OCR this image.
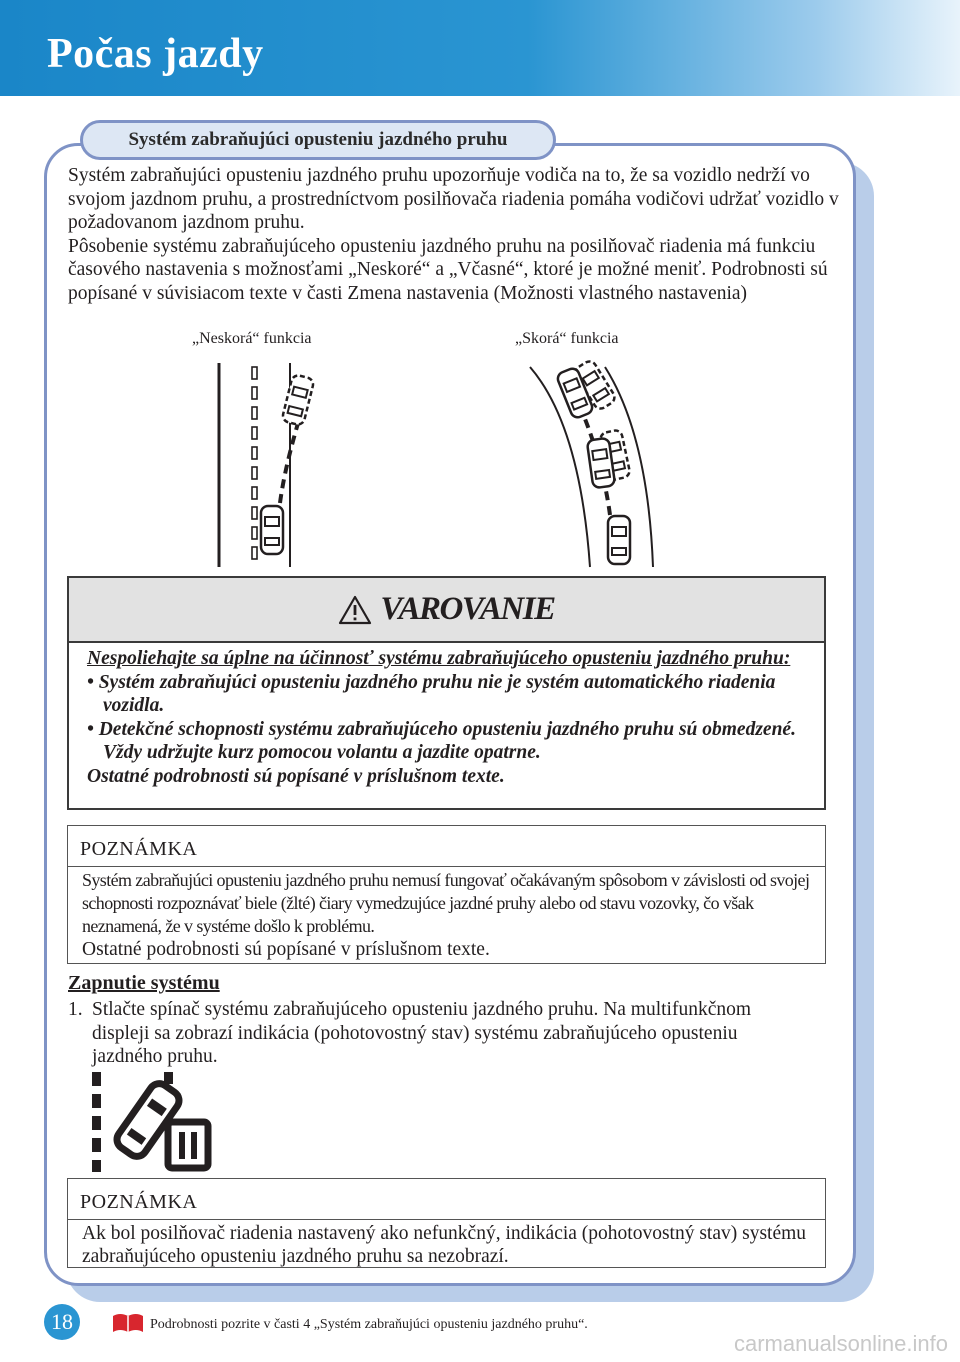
Počas jazdy
Systém zabraňujúci opusteniu jazdného pruhu

Systém zabraňujúci opusteniu jazdného pruhu upozorňuje vodiča na to, že sa vozidlo nedrží vo svojom jazdnom pruhu, a prostredníctvom posilňovača riadenia pomáha vodičovi udržať vozidlo v požadovanom jazdnom pruhu.

Pôsobenie systému zabraňujúceho opusteniu jazdného pruhu na posilňovač riadenia má funkciu časového nastavenia s možnosťami „Neskoré“ a „Včasné“, ktoré je možné meniť. Podrobnosti sú popísané v súvisiacom texte v časti Zmena nastavenia (Možnosti vlastného nastavenia)

„Neskorá“ funkcia	„Skorá“ funkcia
VAROVANIE
Nespoliehajte sa úplne na účinnosť systému zabraňujúceho opusteniu jazdného pruhu:
• Systém zabraňujúci opusteniu jazdného pruhu nie je systém automatického riadenia vozidla.
• Detekčné schopnosti systému zabraňujúceho opusteniu jazdného pruhu sú obmedzené. Vždy udržujte kurz pomocou volantu a jazdite opatrne.
Ostatné podrobnosti sú popísané v príslušnom texte.
POZNÁMKA
Systém zabraňujúci opusteniu jazdného pruhu nemusí fungovať očakávaným spôsobom v závislosti od svojej schopnosti rozpoznávať biele (žlté) čiary vymedzujúce jazdné pruhy alebo od stavu vozovky, čo však neznamená, že v systéme došlo k problému.
Ostatné podrobnosti sú popísané v príslušnom texte.
Zapnutie systému
1. Stlačte spínač systému zabraňujúceho opusteniu jazdného pruhu. Na multifunkčnom displeji sa zobrazí indikácia (pohotovostný stav) systému zabraňujúceho opusteniu jazdného pruhu.
POZNÁMKA
Ak bol posilňovač riadenia nastavený ako nefunkčný, indikácia (pohotovostný stav) systému zabraňujúceho opusteniu jazdného pruhu sa nezobrazí.
18	Podrobnosti pozrite v časti 4 „Systém zabraňujúci opusteniu jazdného pruhu“.
carmanualsonline.info
